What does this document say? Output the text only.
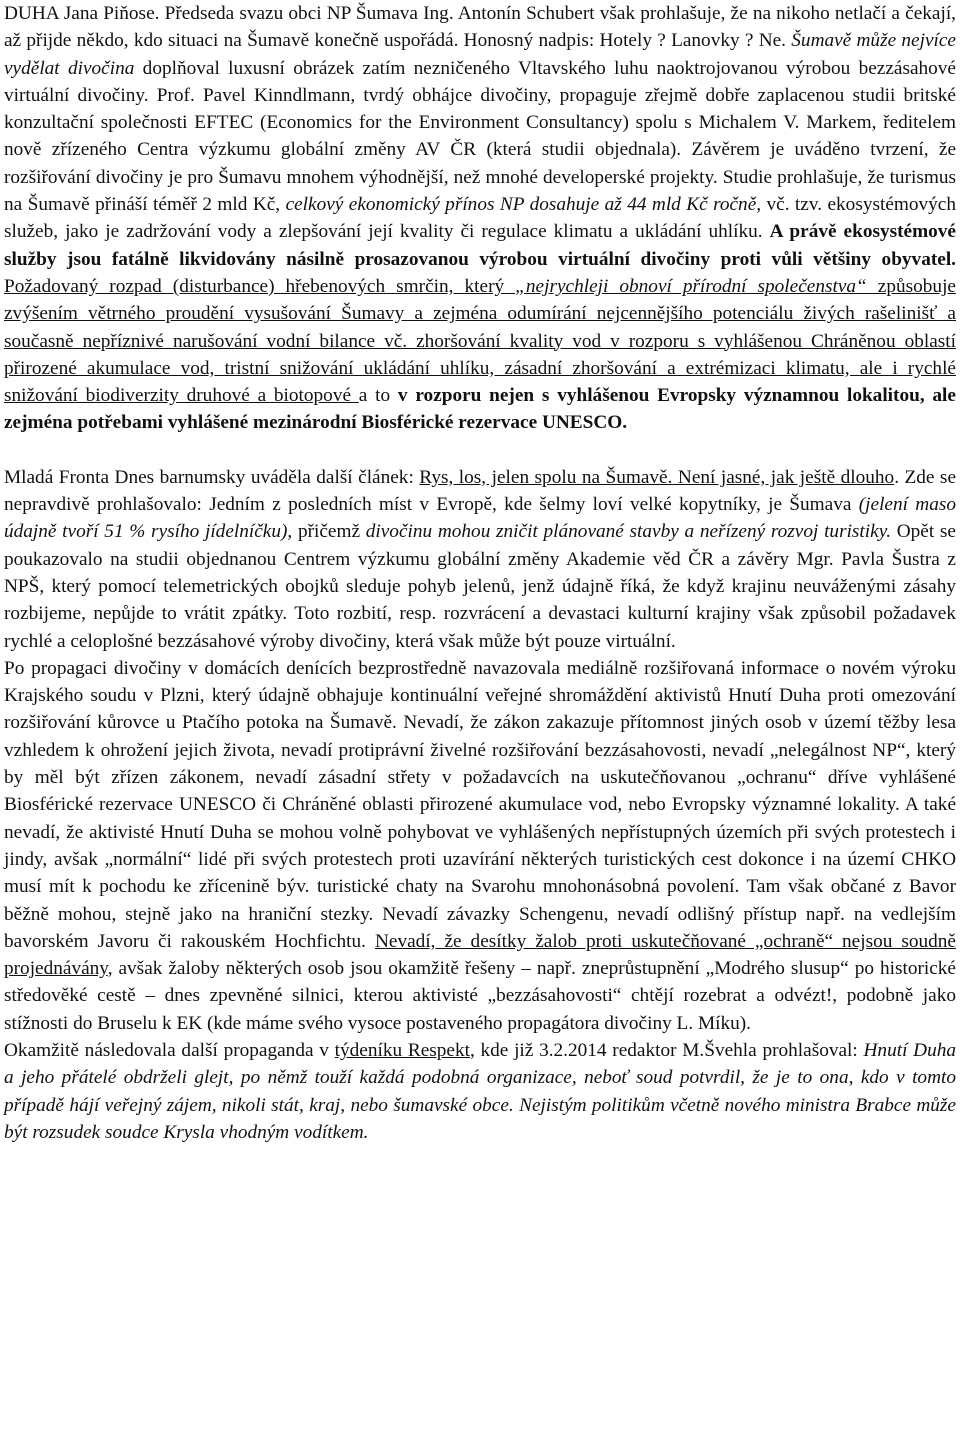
DUHA Jana Piňose. Předseda svazu obci NP Šumava Ing. Antonín Schubert však prohlašuje, že na nikoho netlačí a čekají, až přijde někdo, kdo situaci na Šumavě konečně uspořádá. Honosný nadpis: Hotely ? Lanovky ? Ne. Šumavě může nejvíce vydělat divočina doplňoval luxusní obrázek zatím nezničeného Vltavského luhu naoktrojovanou výrobou bezzásahové virtuální divočiny. Prof. Pavel Kinndlmann, tvrdý obhájce divočiny, propaguje zřejmě dobře zaplacenou studii britské konzultační společnosti EFTEC (Economics for the Environment Consultancy) spolu s Michalem V. Markem, ředitelem nově zřízeného Centra výzkumu globální změny AV ČR (která studii objednala). Závěrem je uváděno tvrzení, že rozšiřování divočiny je pro Šumavu mnohem výhodnější, než mnohé developerské projekty. Studie prohlašuje, že turismus na Šumavě přináší téměř 2 mld Kč, celkový ekonomický přínos NP dosahuje až 44 mld Kč ročně, vč. tzv. ekosystémových služeb, jako je zadržování vody a zlepšování její kvality či regulace klimatu a ukládání uhlíku. A právě ekosystémové služby jsou fatálně likvidovány násilně prosazovanou výrobou virtuální divočiny proti vůli většiny obyvatel. Požadovaný rozpad (disturbance) hřebenových smrčin, který „nejrychleji obnoví přírodní společenstva“ způsobuje zvýšením větrného proudění vysušování Šumavy a zejména odumírání nejcennějšího potenciálu živých rašelinišť a současně nepříznivé narušování vodní bilance vč. zhoršování kvality vod v rozporu s vyhlášenou Chráněnou oblastí přirozené akumulace vod, tristní snižování ukládání uhlíku, zásadní zhoršování a extrémizaci klimatu, ale i rychlé snižování biodiverzity druhové a biotopové a to v rozporu nejen s vyhlášenou Evropsky významnou lokalitou, ale zejména potřebami vyhlášené mezinárodní Biosférické rezervace UNESCO.

Mladá Fronta Dnes barnumsky uváděla další článek: Rys, los, jelen spolu na Šumavě. Není jasné, jak ještě dlouho. Zde se nepravdivě prohlašovalo: Jedním z posledních míst v Evropě, kde šelmy loví velké kopytníky, je Šumava (jelení maso údajně tvoří 51 % rysího jídelníčku), přičemž divočinu mohou zničit plánované stavby a neřízený rozvoj turistiky. Opět se poukazovalo na studii objednanou Centrem výzkumu globální změny Akademie věd ČR a závěry Mgr. Pavla Šustra z NPŠ, který pomocí telemetrických obojků sleduje pohyb jelenů, jenž údajně říká, že když krajinu neuváženými zásahy rozbijeme, nepůjde to vrátit zpátky. Toto rozbití, resp. rozvrácení a devastaci kulturní krajiny však způsobil požadavek rychlé a celoplošné bezzásahové výroby divočiny, která však může být pouze virtuální.

Po propagaci divočiny v domácích denících bezprostředně navazovala mediálně rozšiřovaná informace o novém výroku Krajského soudu v Plzni, který údajně obhajuje kontinuální veřejné shromáždění aktivistů Hnutí Duha proti omezování rozšiřování kůrovce u Ptačího potoka na Šumavě. Nevadí, že zákon zakazuje přítomnost jiných osob v území těžby lesa vzhledem k ohrožení jejich života, nevadí protiprávní živelné rozšiřování bezzásahovosti, nevadí „nelegálnost NP“, který by měl být zřízen zákonem, nevadí zásadní střety v požadavcích na uskutečňovanou „ochranu“ dříve vyhlášené Biosférické rezervace UNESCO či Chráněné oblasti přirozené akumulace vod, nebo Evropsky významné lokality. A také nevadí, že aktivisté Hnutí Duha se mohou volně pohybovat ve vyhlášených nepřístupných územích při svých protestech i jindy, avšak „normální“ lidé při svých protestech proti uzavírání některých turistických cest dokonce i na území CHKO musí mít k pochodu ke zřícenině býv. turistické chaty na Svarohu mnohonásobná povolení. Tam však občané z Bavor běžně mohou, stejně jako na hraniční stezky. Nevadí závazky Schengenu, nevadí odlišný přístup např. na vedlejším bavorském Javoru či rakouském Hochfichtu. Nevadí, že desítky žalob proti uskutečňované „ochraně“ nejsou soudně projednávány, avšak žaloby některých osob jsou okamžitě řešeny – např. zneprůstupnění „Modrého slusup“ po historické středověké cestě – dnes zpevněné silnici, kterou aktivisté „bezzásahovosti“ chtějí rozebrat a odvézt!, podobně jako stížnosti do Bruselu k EK (kde máme svého vysoce postaveného propagátora divočiny L. Míku).

Okamžitě následovala další propaganda v týdeníku Respekt, kde již 3.2.2014 redaktor M.Švehla prohlašoval: Hnutí Duha a jeho přátelé obdrželi glejt, po němž touží každá podobná organizace, neboť soud potvrdil, že je to ona, kdo v tomto případě hájí veřejný zájem, nikoli stát, kraj, nebo šumavské obce. Nejistým politikům včetně nového ministra Brabce může být rozsudek soudce Krysla vhodným vodítkem.
